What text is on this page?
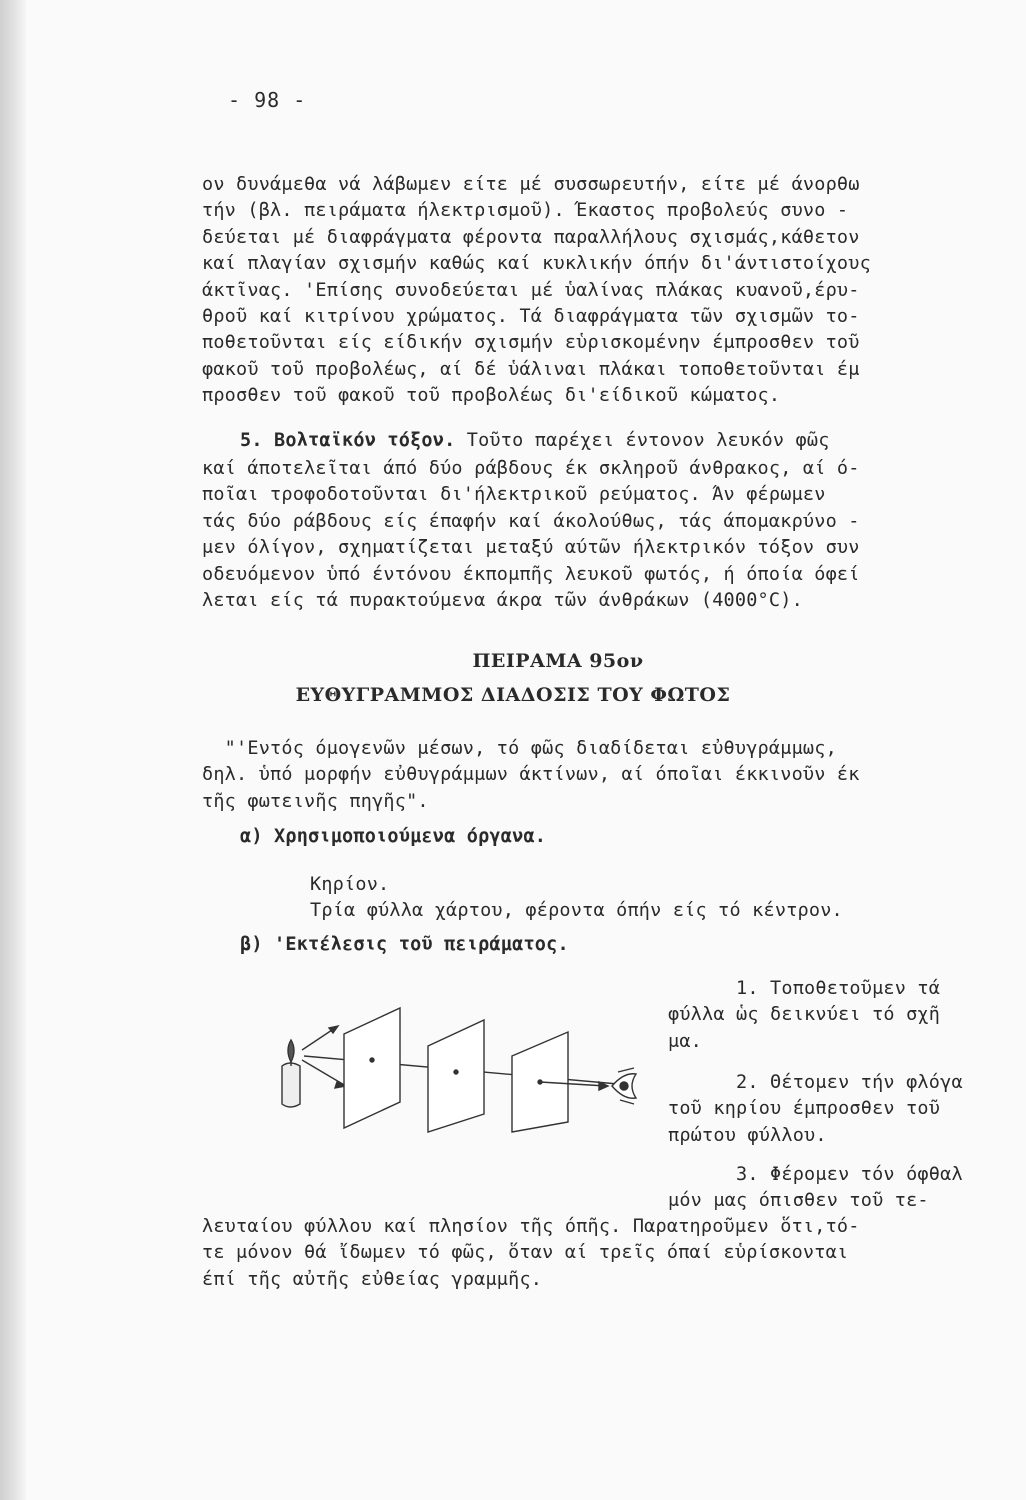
- 98 -
ον δυνάμεθα νά λάβωμεν είτε μέ συσσωρευτήν, είτε μέ άνορθω
τήν (βλ. πειράματα ήλεκτρισμοῦ). Έκαστος προβολεύς συνο -
δεύεται μέ διαφράγματα φέροντα παραλλήλους σχισμάς,κάθετον
καί πλαγίαν σχισμήν καθώς καί κυκλικήν όπήν δι'άντιστοίχους
άκτῖνας. 'Επίσης συνοδεύεται μέ ὑαλίνας πλάκας κυανοῦ,έρυ-
θροῦ καί κιτρίνου χρώματος. Τά διαφράγματα τῶν σχισμῶν το-
ποθετοῦνται είς είδικήν σχισμήν εὑρισκομένην έμπροσθεν τοῦ
φακοῦ τοῦ προβολέως, αί δέ ὑάλιναι πλάκαι τοποθετοῦνται έμ
προσθεν τοῦ φακοῦ τοῦ προβολέως δι'είδικοῦ κώματος.
5. Βολταϊκόν τόξον. Τοῦτο παρέχει έντονον λευκόν φῶς
καί άποτελεῖται άπό δύο ράβδους έκ σκληροῦ άνθρακος, αί ό-
ποῖαι τροφοδοτοῦνται δι'ήλεκτρικοῦ ρεύματος. Άν φέρωμεν
τάς δύο ράβδους είς έπαφήν καί άκολούθως, τάς άπομακρύνο -
μεν όλίγον, σχηματίζεται μεταξύ αύτῶν ήλεκτρικόν τόξον συν
οδευόμενον ὑπό έντόνου έκπομπῆς λευκοῦ φωτός, ή όποία όφεί
λεται είς τά πυρακτούμενα άκρα τῶν άνθράκων (4000°C).
ΠΕΙΡΑΜΑ 95ον
ΕΥΘΥΓΡΑΜΜΟΣ ΔΙΑΔΟΣΙΣ ΤΟΥ ΦΩΤΟΣ
"'Εντός όμογενῶν μέσων, τό φῶς διαδίδεται εὐθυγράμμως,
δηλ. ὑπό μορφήν εὐθυγράμμων άκτίνων, αί όποῖαι έκκινοῦν έκ
τῆς φωτεινῆς πηγῆς".
α) Χρησιμοποιούμενα όργανα.
Κηρίον.
Τρία φύλλα χάρτου, φέροντα όπήν είς τό κέντρον.
β) 'Εκτέλεσις τοῦ πειράματος.
1. Τοποθετοῦμεν τά
φύλλα ὡς δεικνύει τό σχῆ
μα.
2. Θέτομεν τήν φλόγα
τοῦ κηρίου έμπροσθεν τοῦ
πρώτου φύλλου.
3. Φέρομεν τόν όφθαλ
μόν μας όπισθεν τοῦ τε-
λευταίου φύλλου καί πλησίον τῆς όπῆς. Παρατηροῦμεν ὅτι,τό-
τε μόνον θά ἴδωμεν τό φῶς, ὅταν αί τρεῖς όπαί εὑρίσκονται
έπί τῆς αὐτῆς εὐθείας γραμμῆς.
